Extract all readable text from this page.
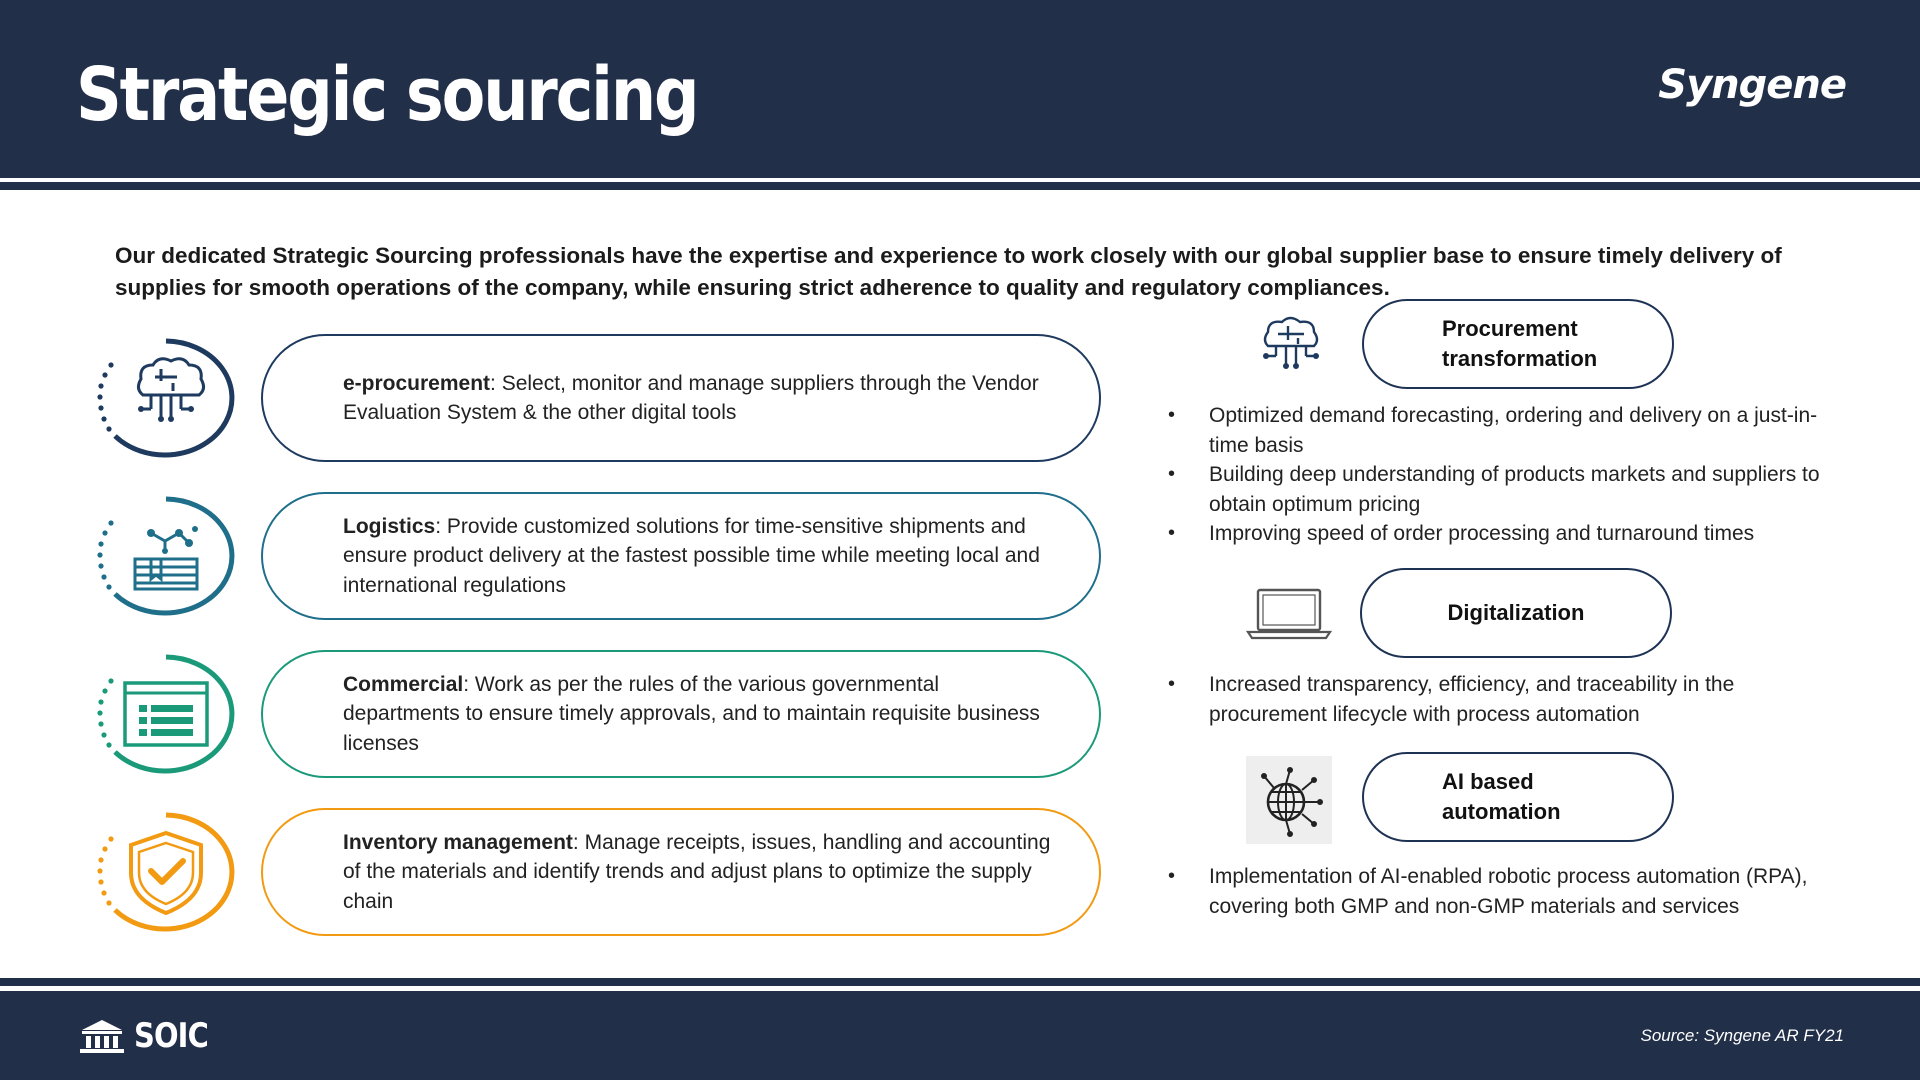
Strategic sourcing	Syngene
Our dedicated Strategic Sourcing professionals have the expertise and experience to work closely with our global supplier base to ensure timely delivery of supplies for smooth operations of the company, while ensuring strict adherence to quality and regulatory compliances.
e-procurement: Select, monitor and manage suppliers through the Vendor Evaluation System & the other digital tools
Logistics: Provide customized solutions for time-sensitive shipments and ensure product delivery at the fastest possible time while meeting local and international regulations
Commercial: Work as per the rules of the various governmental departments to ensure timely approvals, and to maintain requisite business licenses
Inventory management: Manage receipts, issues, handling and accounting of the materials and identify trends and adjust plans to optimize the supply chain
Procurement transformation
• Optimized demand forecasting, ordering and delivery on a just-in-time basis
• Building deep understanding of products markets and suppliers to obtain optimum pricing
• Improving speed of order processing and turnaround times
Digitalization
• Increased transparency, efficiency, and traceability in the procurement lifecycle with process automation
AI based automation
• Implementation of AI-enabled robotic process automation (RPA), covering both GMP and non-GMP materials and services
SOIC	Source: Syngene AR FY21
